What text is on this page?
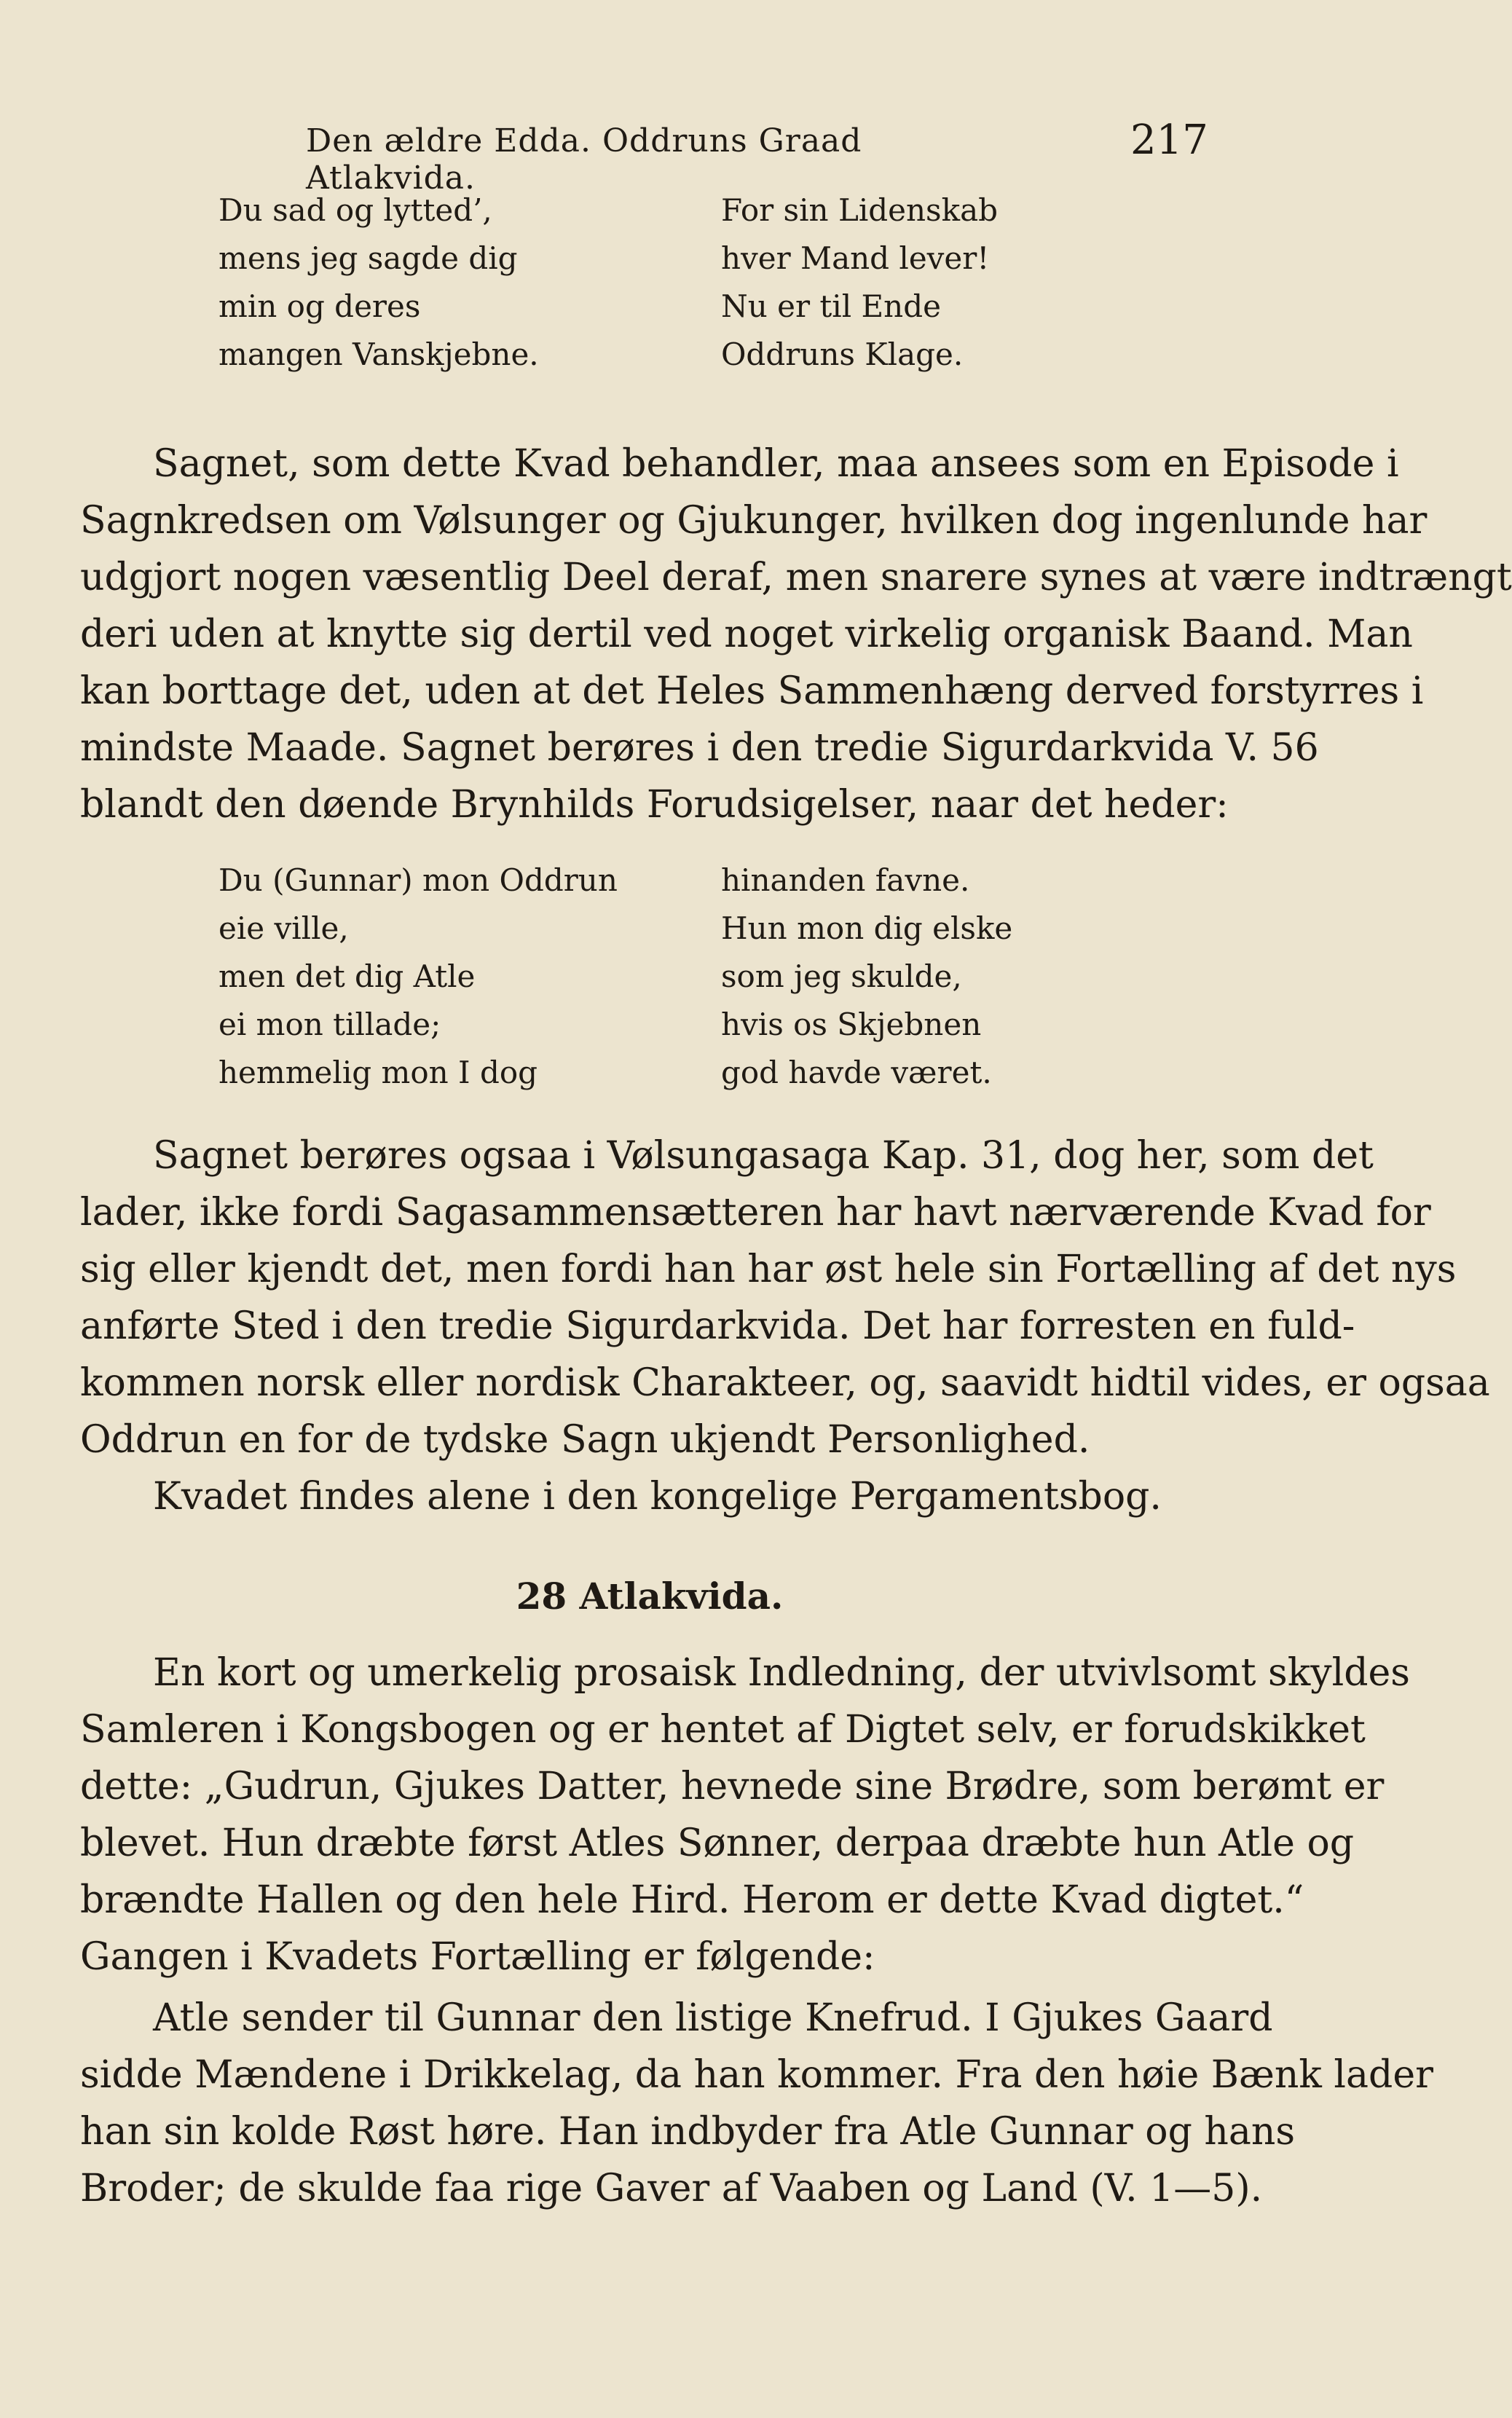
Den ældre Edda. Oddruns Graad Atlakvida.
217
Du sad og lytted’,
mens jeg sagde dig
min og deres
mangen Vanskjebne.
For sin Lidenskab
hver Mand lever!
Nu er til Ende
Oddruns Klage.
Sagnet, som dette Kvad behandler, maa ansees som en Episode i
Sagnkredsen om Vølsunger og Gjukunger, hvilken dog ingenlunde har
udgjort nogen væsentlig Deel deraf, men snarere synes at være indtrængt
deri uden at knytte sig dertil ved noget virkelig organisk Baand. Man
kan borttage det, uden at det Heles Sammenhæng derved forstyrres i
mindste Maade. Sagnet berøres i den tredie Sigurdarkvida V. 56
blandt den døende Brynhilds Forudsigelser, naar det heder:
Du (Gunnar) mon Oddrun
eie ville,
men det dig Atle
ei mon tillade;
hemmelig mon I dog
hinanden favne.
Hun mon dig elske
som jeg skulde,
hvis os Skjebnen
god havde været.
Sagnet berøres ogsaa i Vølsungasaga Kap. 31, dog her, som det
lader, ikke fordi Sagasammensætteren har havt nærværende Kvad for
sig eller kjendt det, men fordi han har øst hele sin Fortælling af det nys
anførte Sted i den tredie Sigurdarkvida. Det har forresten en fuld-
kommen norsk eller nordisk Charakteer, og, saavidt hidtil vides, er ogsaa
Oddrun en for de tydske Sagn ukjendt Personlighed.
Kvadet findes alene i den kongelige Pergamentsbog.
28 Atlakvida.
En kort og umerkelig prosaisk Indledning, der utvivlsomt skyldes
Samleren i Kongsbogen og er hentet af Digtet selv, er forudskikket
dette: „Gudrun, Gjukes Datter, hevnede sine Brødre, som berømt er
blevet. Hun dræbte først Atles Sønner, derpaa dræbte hun Atle og
brændte Hallen og den hele Hird. Herom er dette Kvad digtet.“
Gangen i Kvadets Fortælling er følgende:
Atle sender til Gunnar den listige Knefrud. I Gjukes Gaard
sidde Mændene i Drikkelag, da han kommer. Fra den høie Bænk lader
han sin kolde Røst høre. Han indbyder fra Atle Gunnar og hans
Broder; de skulde faa rige Gaver af Vaaben og Land (V. 1—5).
